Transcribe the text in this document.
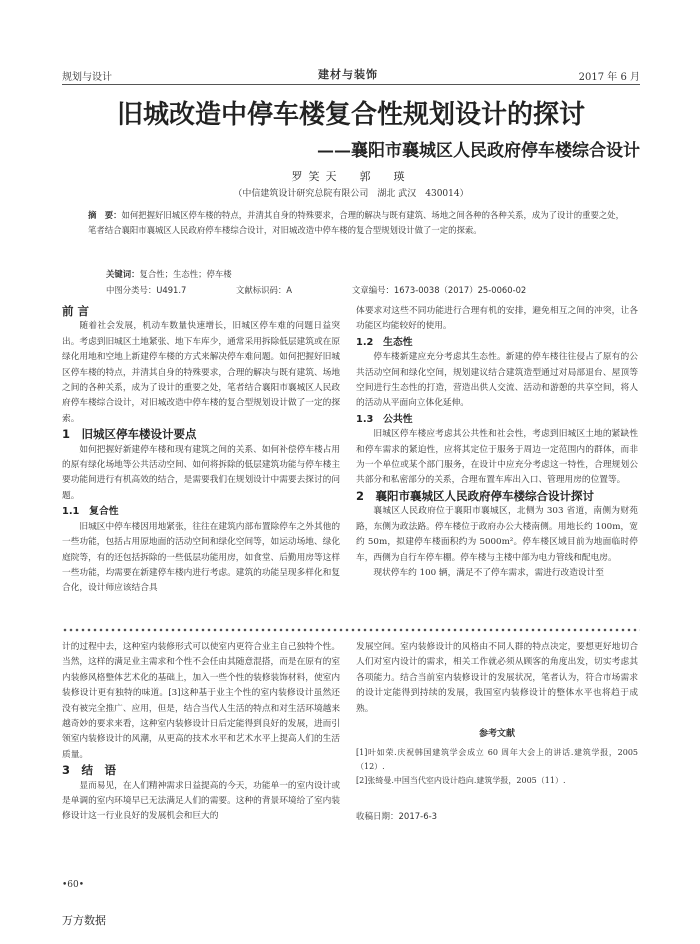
规划与设计	建材与装饰	2017 年 6 月
旧城改造中停车楼复合性规划设计的探讨
——襄阳市襄城区人民政府停车楼综合设计
罗笑天　郭　瑛
（中信建筑设计研究总院有限公司　湖北 武汉　430014）
摘　要：如何把握好旧城区停车楼的特点，并清其自身的特殊要求，合理的解决与既有建筑、场地之间各种的各种关系，成为了设计的重要之处，笔者结合襄阳市襄城区人民政府停车楼综合设计，对旧城改造中停车楼的复合型规划设计做了一定的探索。
关键词：复合性；生态性；停车楼
中图分类号：U491.7	文献标识码：A	文章编号：1673-0038（2017）25-0060-02

前 言

随着社会发展，机动车数量快速增长，旧城区停车难的问题日益突出。考虑到旧城区土地紧张、地下车库少，通常采用拆除低层建筑或在原绿化用地和空地上新建停车楼的方式来解决停车难问题。如何把握好旧城区停车楼的特点，并清其自身的特殊要求，合理的解决与既有建筑、场地之间的各种关系，成为了设计的重要之处，笔者结合襄阳市襄城区人民政府停车楼综合设计，对旧城改造中停车楼的复合型规划设计做了一定的探索。

1　旧城区停车楼设计要点

如何把握好新建停车楼和现有建筑之间的关系、如何补偿停车楼占用的原有绿化场地等公共活动空间、如何将拆除的低层建筑功能与停车楼主要功能间进行有机高效的结合，是需要我们在规划设计中需要去探讨的问题。

1.1　复合性

旧城区中停车楼因用地紧张，往往在建筑内部布置除停车之外其他的一些功能，包括占用原地面的活动空间和绿化空间等，如运动场地、绿化庭院等，有的还包括拆除的一些低层功能用房，如食堂、后勤用房等这样一些功能，均需要在新建停车楼内进行考虑。建筑的功能呈现多样化和复合化，设计师应该结合具

体要求对这些不同功能进行合理有机的安排，避免相互之间的冲突，让各功能区均能较好的使用。

1.2　生态性

停车楼新建应充分考虑其生态性。新建的停车楼往往侵占了原有的公共活动空间和绿化空间，规划建议结合建筑造型通过对局部退台、屋顶等空间进行生态性的打造，营造出供人交流、活动和游憩的共享空间，将人的活动从平面向立体化延伸。

1.3　公共性

旧城区停车楼应考虑其公共性和社会性，考虑到旧城区土地的紧缺性和停车需求的紧迫性，应将其定位于服务于周边一定范围内的群体，而非为一个单位或某个部门服务，在设计中应充分考虑这一特性，合理规划公共部分和私密部分的关系，合理布置车库出入口、管理用房的位置等。

2　襄阳市襄城区人民政府停车楼综合设计探讨

襄城区人民政府位于襄阳市襄城区，北侧为 303 省道，南侧为财苑路，东侧为政法路。停车楼位于政府办公大楼南侧。用地长约 100m，宽约 50m，拟建停车楼面积约为 5000m²。停车楼区域目前为地面临时停车，西侧为自行车停车棚。停车楼与主楼中部为电力管线和配电房。

现状停车约 100 辆，满足不了停车需求，需进行改造设计至

计的过程中去，这种室内装修形式可以使室内更符合业主自己独特个性。当然，这样的满足业主需求和个性不会任由其随意混搭，而是在原有的室内装修风格整体艺术化的基础上，加入一些个性的装修装饰材料，使室内装修设计更有独特的味道。[3]这种基于业主个性的室内装修设计虽然还没有被完全推广、应用，但是，结合当代人生活的特点和对生活环境越来越奇妙的要求来看，这种室内装修设计日后定能得到良好的发展，进而引领室内装修设计的风潮，从更高的技术水平和艺术水平上提高人们的生活质量。

3　结　语

显而易见，在人们精神需求日益提高的今天，功能单一的室内设计或是单调的室内环境早已无法满足人们的需要。这种的背景环境给了室内装修设计这一行业良好的发展机会和巨大的

发展空间。室内装修设计的风格由不同人群的特点决定，要想更好地切合人们对室内设计的需求，相关工作就必须从顾客的角度出发，切实考虑其各项能力。结合当前室内装修设计的发展状况，笔者认为，符合市场需求的设计定能得到持续的发展，我国室内装修设计的整体水平也将趋于成熟。

参考文献

[1]叶如荣.庆祝韩国建筑学会成立 60 周年大会上的讲话.建筑学报，2005（12）.

[2]张绮曼.中国当代室内设计趋向.建筑学报，2005（11）.

收稿日期：2017-6-3

•60•
万方数据
